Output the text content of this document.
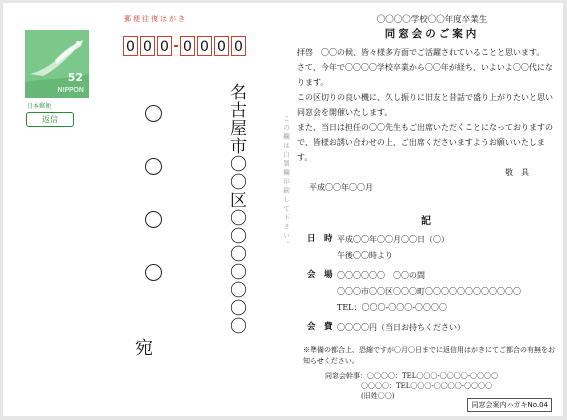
52
NIPPON
日本郵便
返信
郵便往復はがき
0 0 0 0 0 0 0
名古屋市〇〇区〇〇〇〇〇〇〇	この欄は自署欄印刷して下さい。
宛
〇〇〇〇学校〇〇年度卒業生
同窓会のご案内

拝啓　〇〇の候、皆々様多方面でご活躍されていることと思います。

さて、今年で〇〇〇〇学校卒業から〇〇年が経ち、いよいよ〇〇代になります。

この区切りの良い機に、久し振りに旧友と昔話で盛り上がりたいと思い同窓会を開催いたします。

また、当日は担任の〇〇先生もご出席いただくことになっておりますので、皆様お誘い合わせの上、ご出席くださいますようお願いいたします。

敬　具
平成〇〇年〇〇月
記
日　時 平成〇〇年〇〇月〇〇日（〇）
午後〇〇時より
会　場 〇〇〇〇〇〇　〇〇の間
〇〇〇市〇〇区〇〇〇町〇〇〇〇〇〇〇〇〇〇〇〇
TEL：〇〇〇-〇〇〇-〇〇〇〇
会　費 〇〇〇〇円（当日お持ちください）
※準備の都合上、恐縮ですが〇月〇日までに返信用はがきにてご都合の有無をお知らせください。
同窓会幹事：〇〇〇〇：TEL〇〇〇-〇〇〇〇-〇〇〇〇
〇〇〇〇：TEL〇〇〇-〇〇〇〇-〇〇〇〇
(旧姓〇〇)
同窓会案内ハガキNo.04
